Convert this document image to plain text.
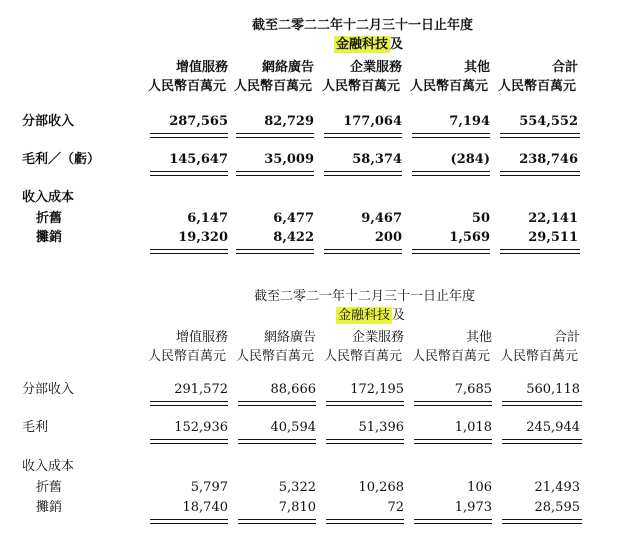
截至二零二二年十二月三十一日止年度
金融科技 及
增值服務	網絡廣告	企業服務	其他	合計
人民幣百萬元 人民幣百萬元 人民幣百萬元 人民幣百萬元 人民幣百萬元
分部收入	287,565	82,729	177,064	7,194	554,552
毛利／（虧）	145,647	35,009	58,374	(284)	238,746
收入成本
折舊	6,147	6,477	9,467	50	22,141
攤銷	19,320	8,422	200	1,569	29,511
截至二零二一年十二月三十一日止年度
金融科技 及
增值服務	網絡廣告	企業服務	其他	合計
人民幣百萬元 人民幣百萬元 人民幣百萬元 人民幣百萬元 人民幣百萬元
分部收入	291,572	88,666	172,195	7,685	560,118
毛利	152,936	40,594	51,396	1,018	245,944
收入成本
折舊	5,797	5,322	10,268	106	21,493
攤銷	18,740	7,810	72	1,973	28,595
